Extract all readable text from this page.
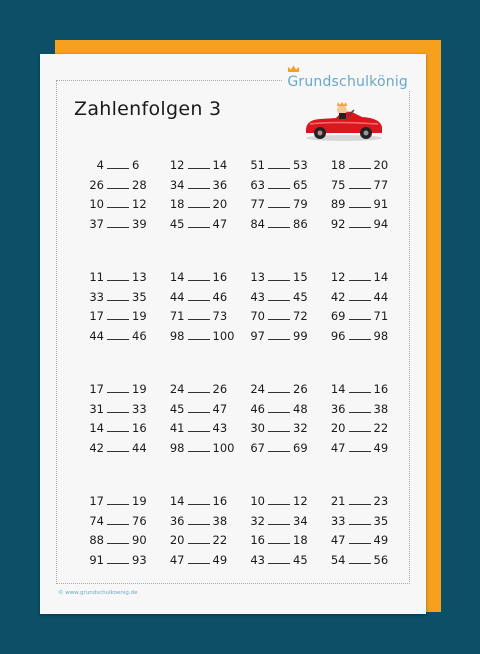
Grundschulkönig
Zahlenfolgen 3
4 6	12 14	51 53	18 20
26 28	34 36	63 65	75 77
10 12	18 20	77 79	89 91
37 39	45 47	84 86	92 94
11 13	14 16	13 15	12 14
33 35	44 46	43 45	42 44
17 19	71 73	70 72	69 71
44 46	98 100	97 99	96 98
17 19	24 26	24 26	14 16
31 33	45 47	46 48	36 38
14 16	41 43	30 32	20 22
42 44	98 100	67 69	47 49
17 19	14 16	10 12	21 23
74 76	36 38	32 34	33 35
88 90	20 22	16 18	47 49
91 93	47 49	43 45	54 56
© www.grundschulkoenig.de
